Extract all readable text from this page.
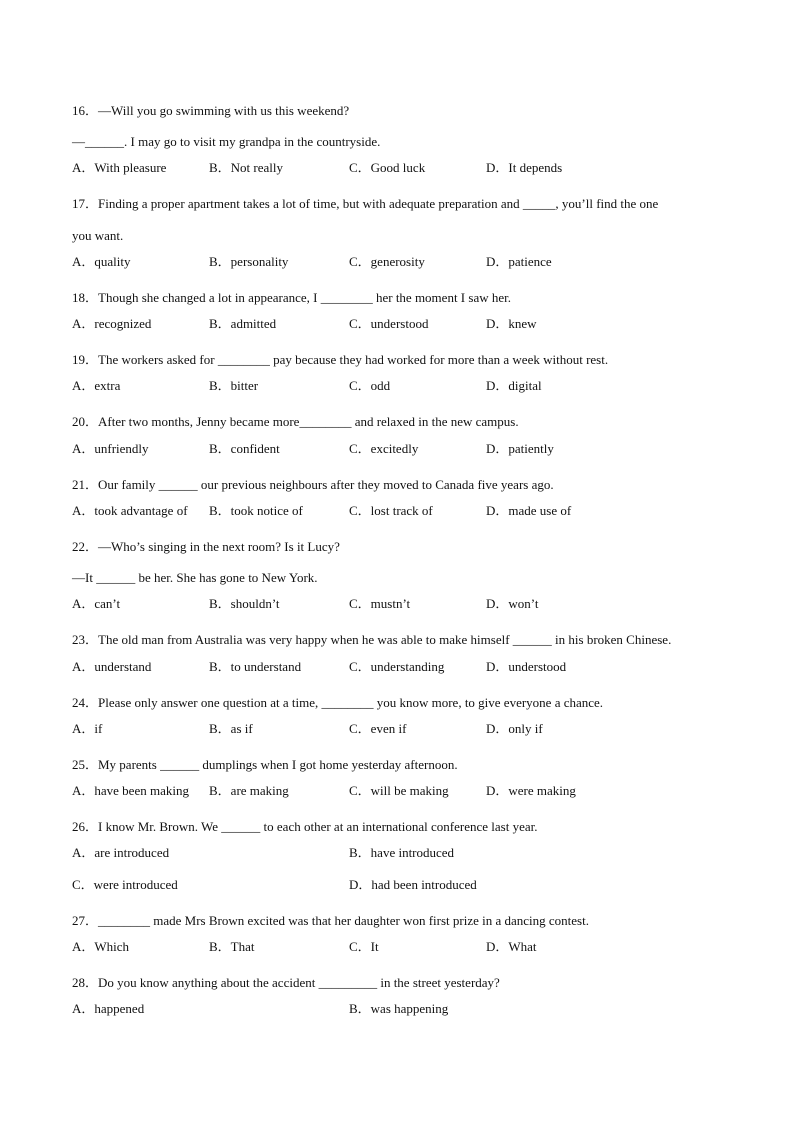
16．—Will you go swimming with us this weekend?
—______. I may go to visit my grandpa in the countryside.
A．With pleasure	B．Not really	C．Good luck	D．It depends
17．Finding a proper apartment takes a lot of time, but with adequate preparation and _____, you’ll find the one
you want.
A．quality	B．personality	C．generosity	D．patience
18．Though she changed a lot in appearance, I ________ her the moment I saw her.
A．recognized	B．admitted	C．understood	D．knew
19．The workers asked for ________ pay because they had worked for more than a week without rest.
A．extra	B．bitter	C．odd	D．digital
20．After two months, Jenny became more________ and relaxed in the new campus.
A．unfriendly	B．confident	C．excitedly	D．patiently
21．Our family ______ our previous neighbours after they moved to Canada five years ago.
A．took advantage of B．took notice of	C．lost track of	D．made use of
22．—Who’s singing in the next room? Is it Lucy?
—It ______ be her. She has gone to New York.
A．can’t	B．shouldn’t	C．mustn’t	D．won’t
23．The old man from Australia was very happy when he was able to make himself ______ in his broken Chinese.
A．understand	B．to understand	C．understanding	D．understood
24．Please only answer one question at a time, ________ you know more, to give everyone a chance.
A．if	B．as if	C．even if	D．only if
25．My parents ______ dumplings when I got home yesterday afternoon.
A．have been making B．are making	C．will be making	D．were making
26．I know Mr. Brown. We ______ to each other at an international conference last year.
A．are introduced	B．have introduced
C．were introduced	D．had been introduced
27．________ made Mrs Brown excited was that her daughter won first prize in a dancing contest.
A．Which	B．That	C．It	D．What
28．Do you know anything about the accident _________ in the street yesterday?
A．happened	B．was happening
